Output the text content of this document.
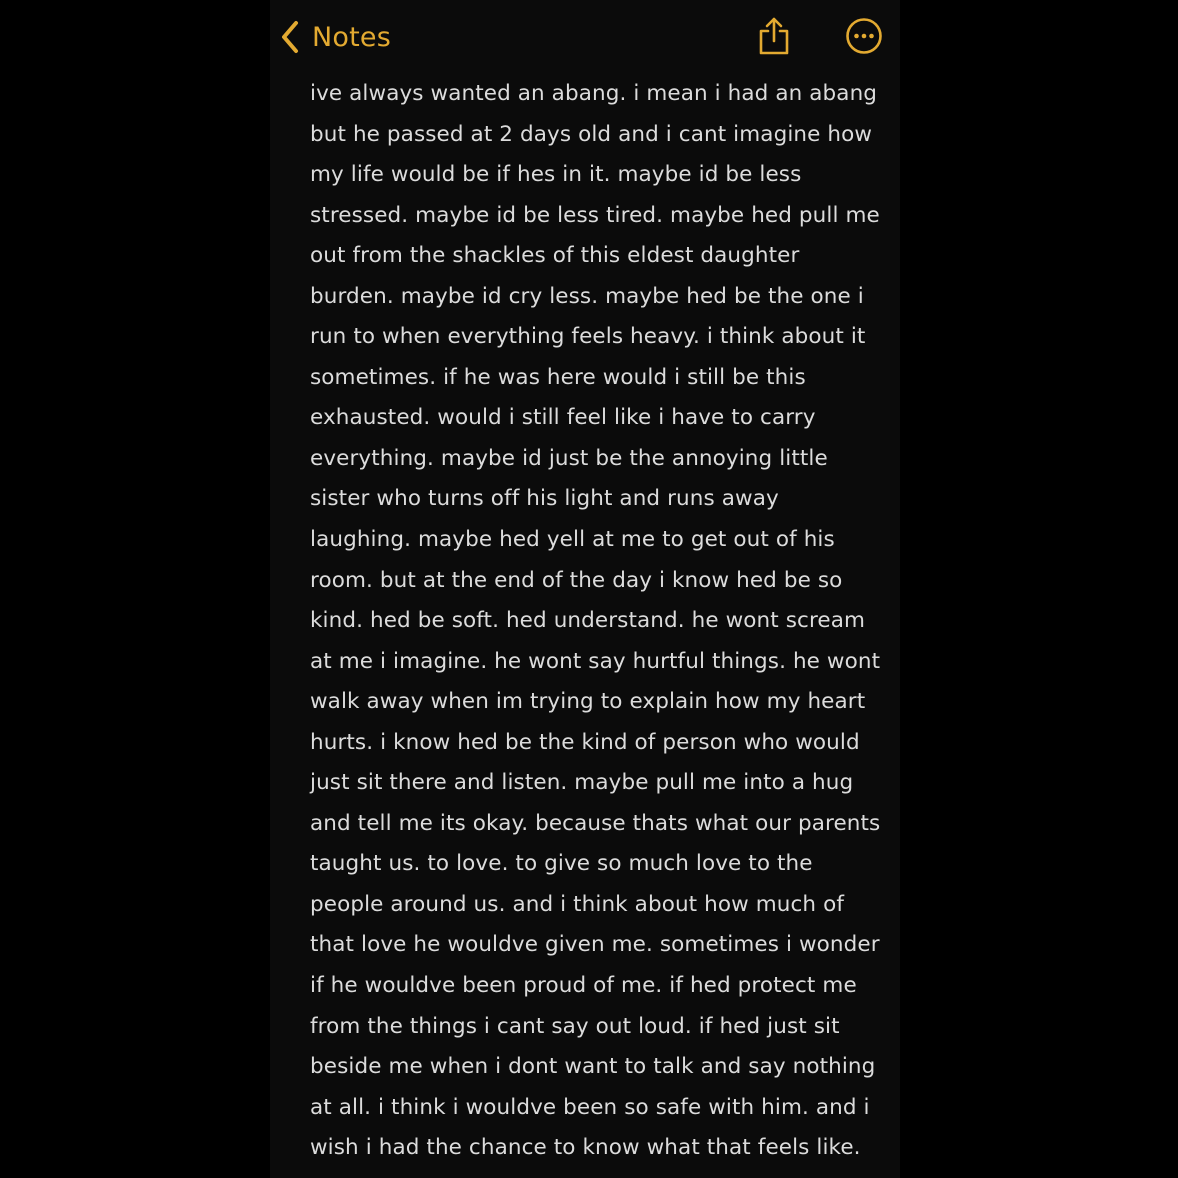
Notes
ive always wanted an abang. i mean i had an abang
but he passed at 2 days old and i cant imagine how
my life would be if hes in it. maybe id be less
stressed. maybe id be less tired. maybe hed pull me
out from the shackles of this eldest daughter
burden. maybe id cry less. maybe hed be the one i
run to when everything feels heavy. i think about it
sometimes. if he was here would i still be this
exhausted. would i still feel like i have to carry
everything. maybe id just be the annoying little
sister who turns off his light and runs away
laughing. maybe hed yell at me to get out of his
room. but at the end of the day i know hed be so
kind. hed be soft. hed understand. he wont scream
at me i imagine. he wont say hurtful things. he wont
walk away when im trying to explain how my heart
hurts. i know hed be the kind of person who would
just sit there and listen. maybe pull me into a hug
and tell me its okay. because thats what our parents
taught us. to love. to give so much love to the
people around us. and i think about how much of
that love he wouldve given me. sometimes i wonder
if he wouldve been proud of me. if hed protect me
from the things i cant say out loud. if hed just sit
beside me when i dont want to talk and say nothing
at all. i think i wouldve been so safe with him. and i
wish i had the chance to know what that feels like.
